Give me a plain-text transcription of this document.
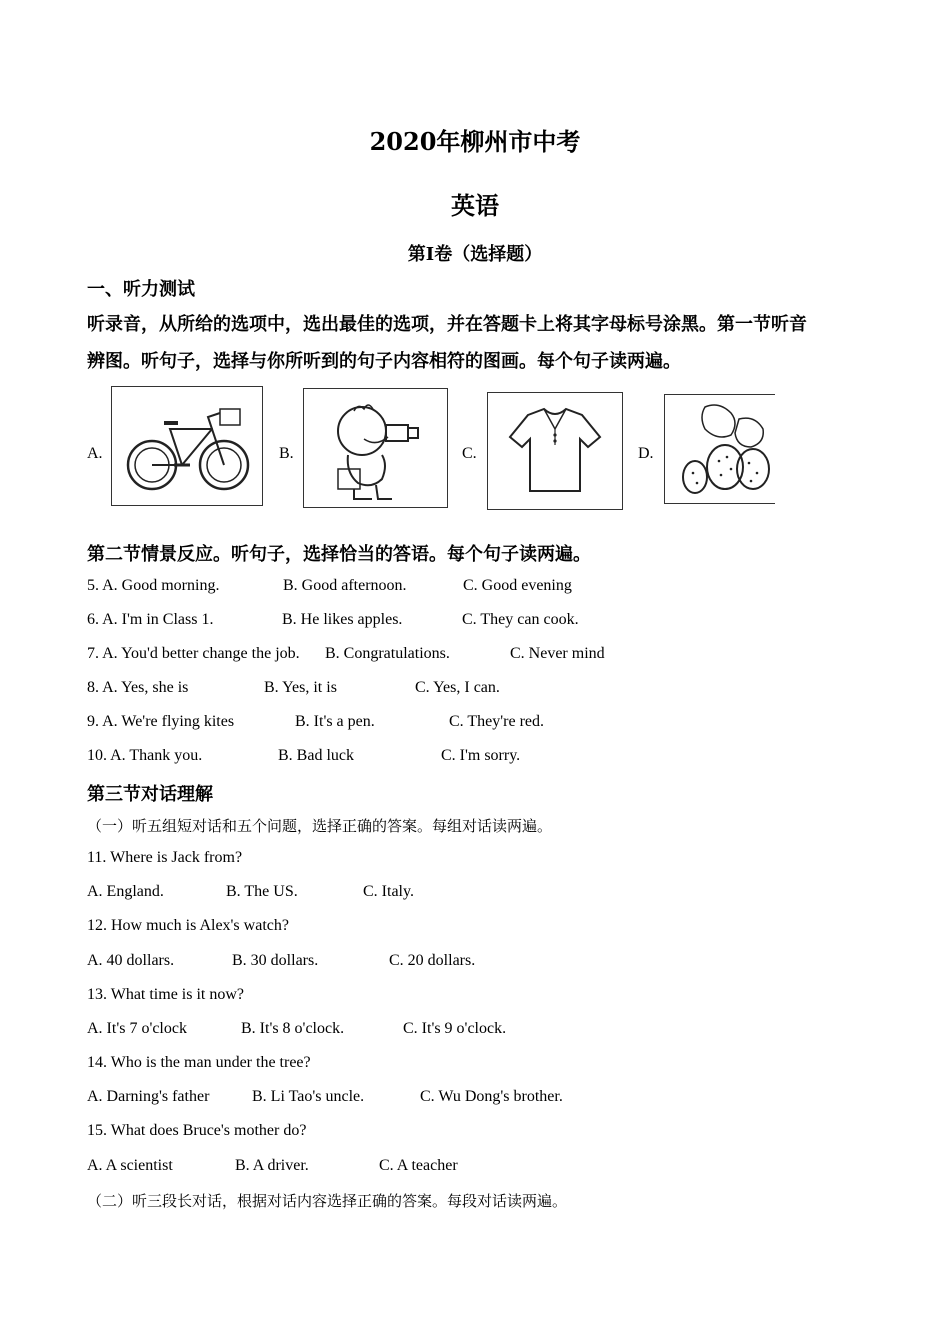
2020年柳州市中考
英语
第Ⅰ卷（选择题）
一、听力测试
听录音，从所给的选项中，选出最佳的选项，并在答题卡上将其字母标号涂黑。第一节听音
辨图。听句子，选择与你所听到的句子内容相符的图画。每个句子读两遍。
A.	B.	C.	D.
第二节情景反应。听句子，选择恰当的答语。每个句子读两遍。
5. A. Good morning.	B. Good afternoon.	C. Good evening
6. A. I'm in Class 1.	B. He likes apples.	C. They can cook.
7. A. You'd better change the job. B. Congratulations.	C. Never mind
8. A. Yes, she is	B. Yes, it is	C. Yes, I can.
9. A. We're flying kites	B. It's a pen.	C. They're red.
10. A. Thank you.	B. Bad luck	C. I'm sorry.
第三节对话理解
（一）听五组短对话和五个问题，选择正确的答案。每组对话读两遍。
11. Where is Jack from?
A. England.	B. The US.	C. Italy.
12. How much is Alex's watch?
A. 40 dollars.	B. 30 dollars.	C. 20 dollars.
13. What time is it now?
A. It's 7 o'clock	B. It's 8 o'clock.	C. It's 9 o'clock.
14. Who is the man under the tree?
A. Darning's father	B. Li Tao's uncle.	C. Wu Dong's brother.
15. What does Bruce's mother do?
A. A scientist	B. A driver.	C. A teacher
（二）听三段长对话，根据对话内容选择正确的答案。每段对话读两遍。
